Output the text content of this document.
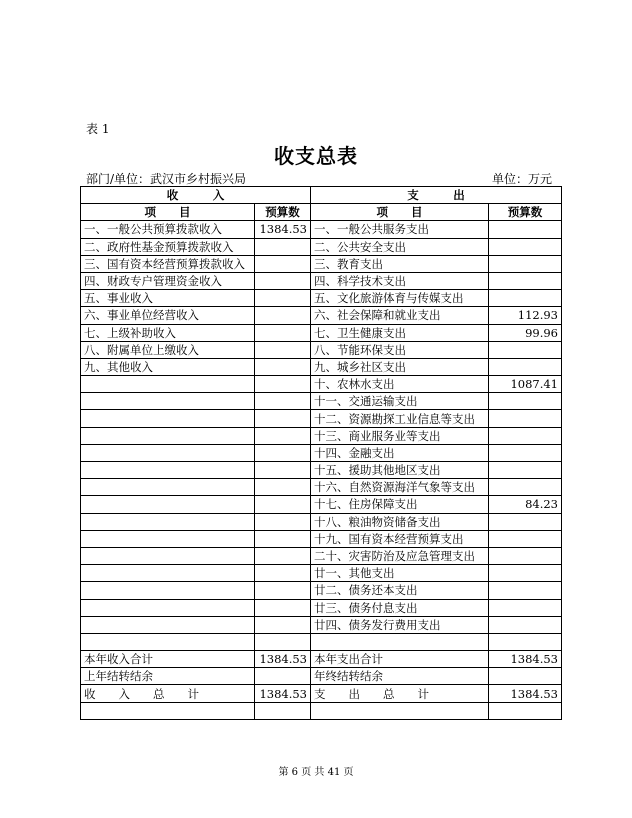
表 1
收支总表
部门/单位：武汉市乡村振兴局	单位：万元
收　　　入		支　　　出	
项　　目	预算数	项　　目	预算数
一、一般公共预算拨款收入	1384.53	一、一般公共服务支出	
二、政府性基金预算拨款收入		二、公共安全支出	
三、国有资本经营预算拨款收入		三、教育支出	
四、财政专户管理资金收入		四、科学技术支出	
五、事业收入		五、文化旅游体育与传媒支出	
六、事业单位经营收入		六、社会保障和就业支出	112.93
七、上级补助收入		七、卫生健康支出	99.96
八、附属单位上缴收入		八、节能环保支出	
九、其他收入		九、城乡社区支出	
		十、农林水支出	1087.41
		十一、交通运输支出	
		十二、资源勘探工业信息等支出	
		十三、商业服务业等支出	
		十四、金融支出	
		十五、援助其他地区支出	
		十六、自然资源海洋气象等支出	
		十七、住房保障支出	84.23
		十八、粮油物资储备支出	
		十九、国有资本经营预算支出	
		二十、灾害防治及应急管理支出	
		廿一、其他支出	
		廿二、债务还本支出	
		廿三、债务付息支出	
		廿四、债务发行费用支出	

本年收入合计	1384.53	本年支出合计	1384.53
上年结转结余		年终结转结余	
收　　入　　总　　计	1384.53	支　　出　　总　　计	1384.53

第 6 页 共 41 页
